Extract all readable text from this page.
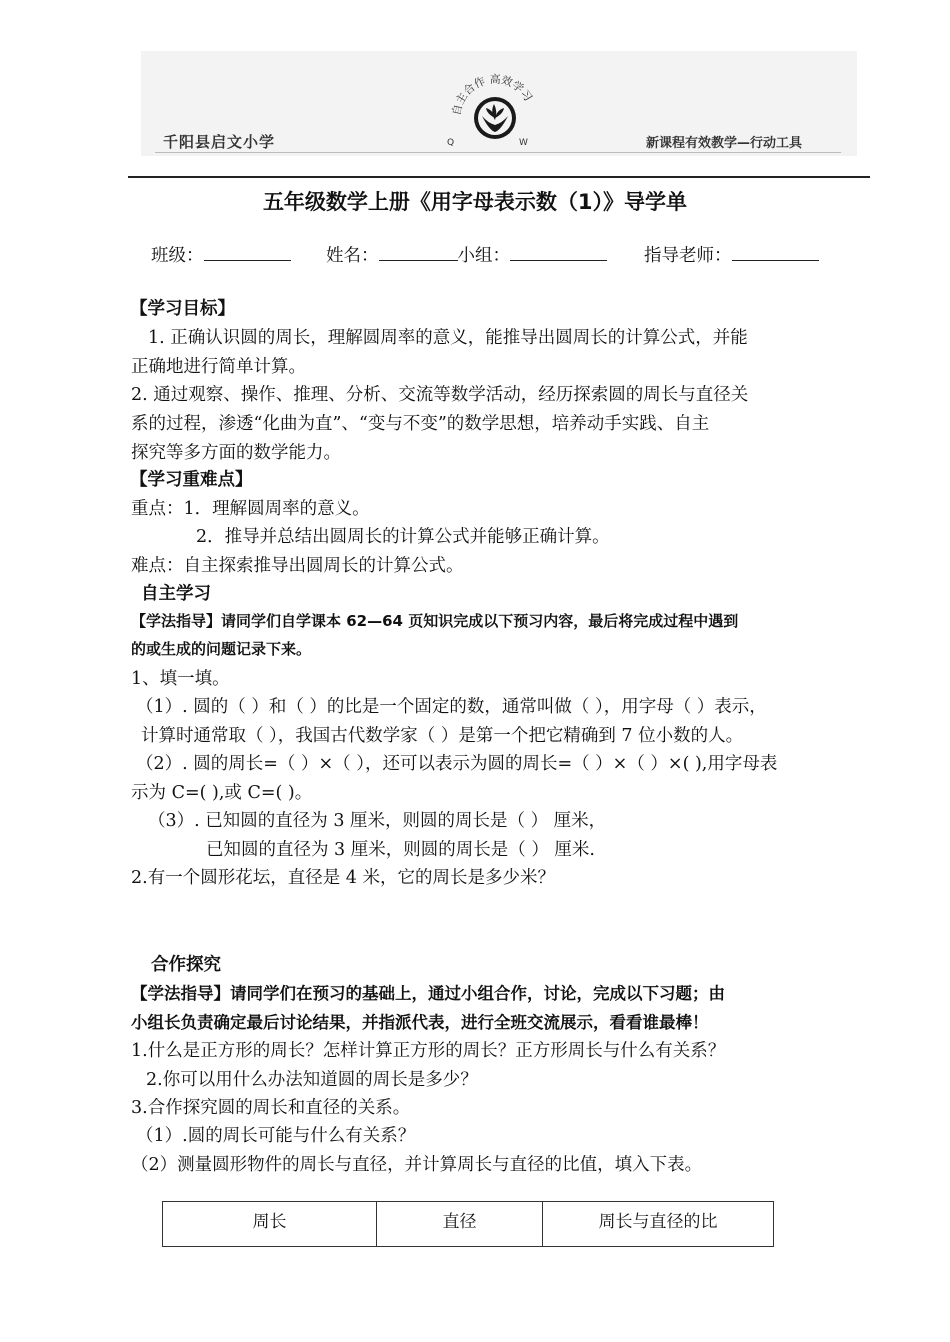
千阳县启文小学	新课程有效教学—行动工具
自主合作 高效学习
Q	W
五年级数学上册《用字母表示数（1）》导学单
班级：	姓名：	小组：	指导老师：
【学习目标】
1. 正确认识圆的周长，理解圆周率的意义，能推导出圆周长的计算公式，并能
正确地进行简单计算。
2. 通过观察、操作、推理、分析、交流等数学活动，经历探索圆的周长与直径关
系的过程，渗透“化曲为直”、“变与不变”的数学思想，培养动手实践、自主
探究等多方面的数学能力。
【学习重难点】
重点：1．理解圆周率的意义。
2．推导并总结出圆周长的计算公式并能够正确计算。
难点：自主探索推导出圆周长的计算公式。
自主学习
【学法指导】请同学们自学课本 62—64 页知识完成以下预习内容，最后将完成过程中遇到
的或生成的问题记录下来。
1、填一填。
（1）. 圆的（ ）和（ ）的比是一个固定的数，通常叫做（ ），用字母（ ）表示，
计算时通常取（ ），我国古代数学家（ ）是第一个把它精确到 7 位小数的人。
（2）. 圆的周长=（ ）×（ ），还可以表示为圆的周长=（ ）×（ ）×( ),用字母表
示为 C=( ),或 C=( )。
（3）. 已知圆的直径为 3 厘米，则圆的周长是（ ） 厘米，
已知圆的直径为 3 厘米，则圆的周长是（ ） 厘米.
2.有一个圆形花坛，直径是 4 米，它的周长是多少米？
合作探究
【学法指导】请同学们在预习的基础上，通过小组合作，讨论，完成以下习题；由
小组长负责确定最后讨论结果，并指派代表，进行全班交流展示，看看谁最棒！
1.什么是正方形的周长？怎样计算正方形的周长？正方形周长与什么有关系？
2.你可以用什么办法知道圆的周长是多少？
3.合作探究圆的周长和直径的关系。
（1）.圆的周长可能与什么有关系？
（2）测量圆形物件的周长与直径，并计算周长与直径的比值，填入下表。
周长	直径	周长与直径的比
